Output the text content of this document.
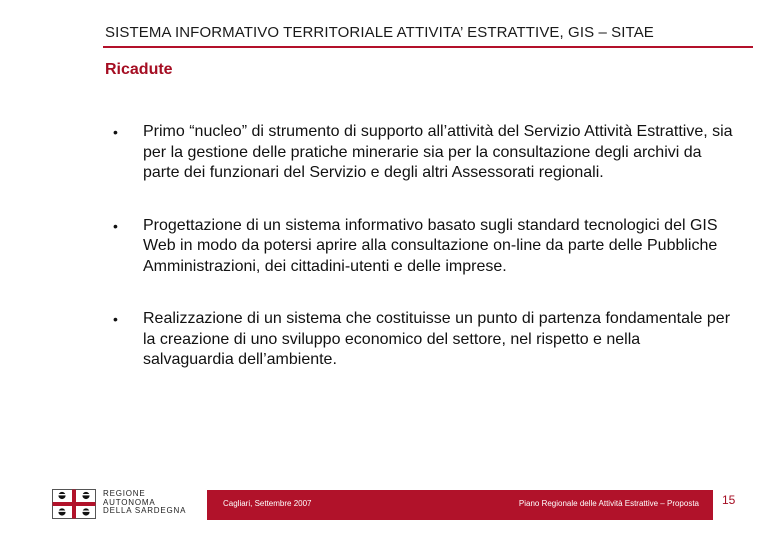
SISTEMA INFORMATIVO TERRITORIALE ATTIVITA’ ESTRATTIVE, GIS – SITAE
Ricadute
• Primo “nucleo” di strumento di supporto all’attività del Servizio Attività Estrattive, sia per la gestione delle pratiche minerarie sia per la consultazione degli archivi da parte dei funzionari del Servizio e degli altri Assessorati regionali.
• Progettazione di un sistema informativo basato sugli standard tecnologici del GIS Web in modo da potersi aprire alla consultazione on-line da parte delle Pubbliche Amministrazioni, dei cittadini-utenti e delle imprese.
• Realizzazione di un sistema che costituisse un punto di partenza fondamentale per la creazione di uno sviluppo economico del settore, nel rispetto e nella salvaguardia dell’ambiente.
REGIONE
AUTONOMA
DELLA SARDEGNA
Cagliari, Settembre 2007	Piano Regionale delle Attività Estrattive – Proposta 15
